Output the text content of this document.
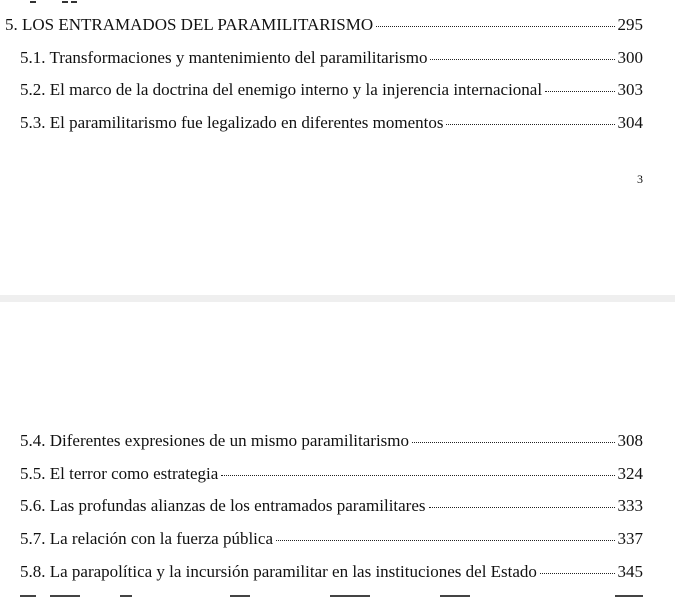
5. LOS ENTRAMADOS DEL PARAMILITARISMO	295
5.1. Transformaciones y mantenimiento del paramilitarismo	300
5.2. El marco de la doctrina del enemigo interno y la injerencia internacional	303
5.3. El paramilitarismo fue legalizado en diferentes momentos	304
3
5.4. Diferentes expresiones de un mismo paramilitarismo	308
5.5. El terror como estrategia	324
5.6. Las profundas alianzas de los entramados paramilitares	333
5.7. La relación con la fuerza pública	337
5.8. La parapolítica y la incursión paramilitar en las instituciones del Estado	345
